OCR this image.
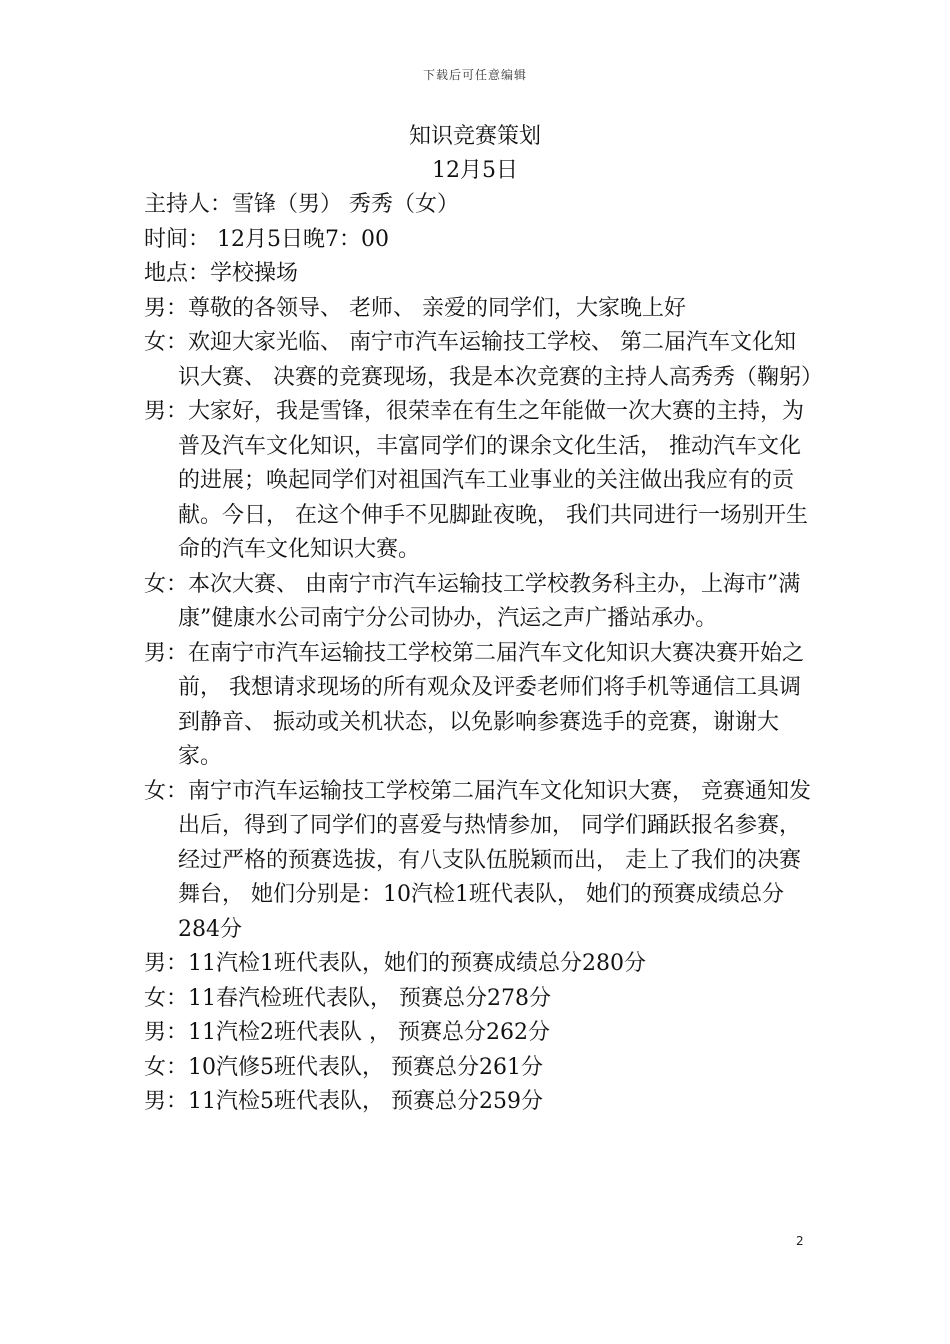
下载后可任意编辑
知识竞赛策划
12月5日

主持人：雪锋（男） 秀秀（女）

时间： 12月5日晚7：00

地点：学校操场

男：尊敬的各领导、 老师、 亲爱的同学们，大家晚上好

女：欢迎大家光临、 南宁市汽车运输技工学校、 第二届汽车文化知识大赛、 决赛的竞赛现场，我是本次竞赛的主持人高秀秀（鞠躬）

男：大家好，我是雪锋，很荣幸在有生之年能做一次大赛的主持，为普及汽车文化知识，丰富同学们的课余文化生活， 推动汽车文化的进展；唤起同学们对祖国汽车工业事业的关注做出我应有的贡献。今日， 在这个伸手不见脚趾夜晚， 我们共同进行一场别开生命的汽车文化知识大赛。

女：本次大赛、 由南宁市汽车运输技工学校教务科主办，上海市”满康”健康水公司南宁分公司协办，汽运之声广播站承办。

男：在南宁市汽车运输技工学校第二届汽车文化知识大赛决赛开始之前， 我想请求现场的所有观众及评委老师们将手机等通信工具调到静音、 振动或关机状态，以免影响参赛选手的竞赛，谢谢大家。

女：南宁市汽车运输技工学校第二届汽车文化知识大赛， 竞赛通知发出后，得到了同学们的喜爱与热情参加， 同学们踊跃报名参赛，经过严格的预赛选拔，有八支队伍脱颖而出， 走上了我们的决赛舞台， 她们分别是：10汽检1班代表队， 她们的预赛成绩总分284分

男：11汽检1班代表队，她们的预赛成绩总分280分

女：11春汽检班代表队， 预赛总分278分

男：11汽检2班代表队 ， 预赛总分262分

女：10汽修5班代表队， 预赛总分261分

男：11汽检5班代表队， 预赛总分259分

2
